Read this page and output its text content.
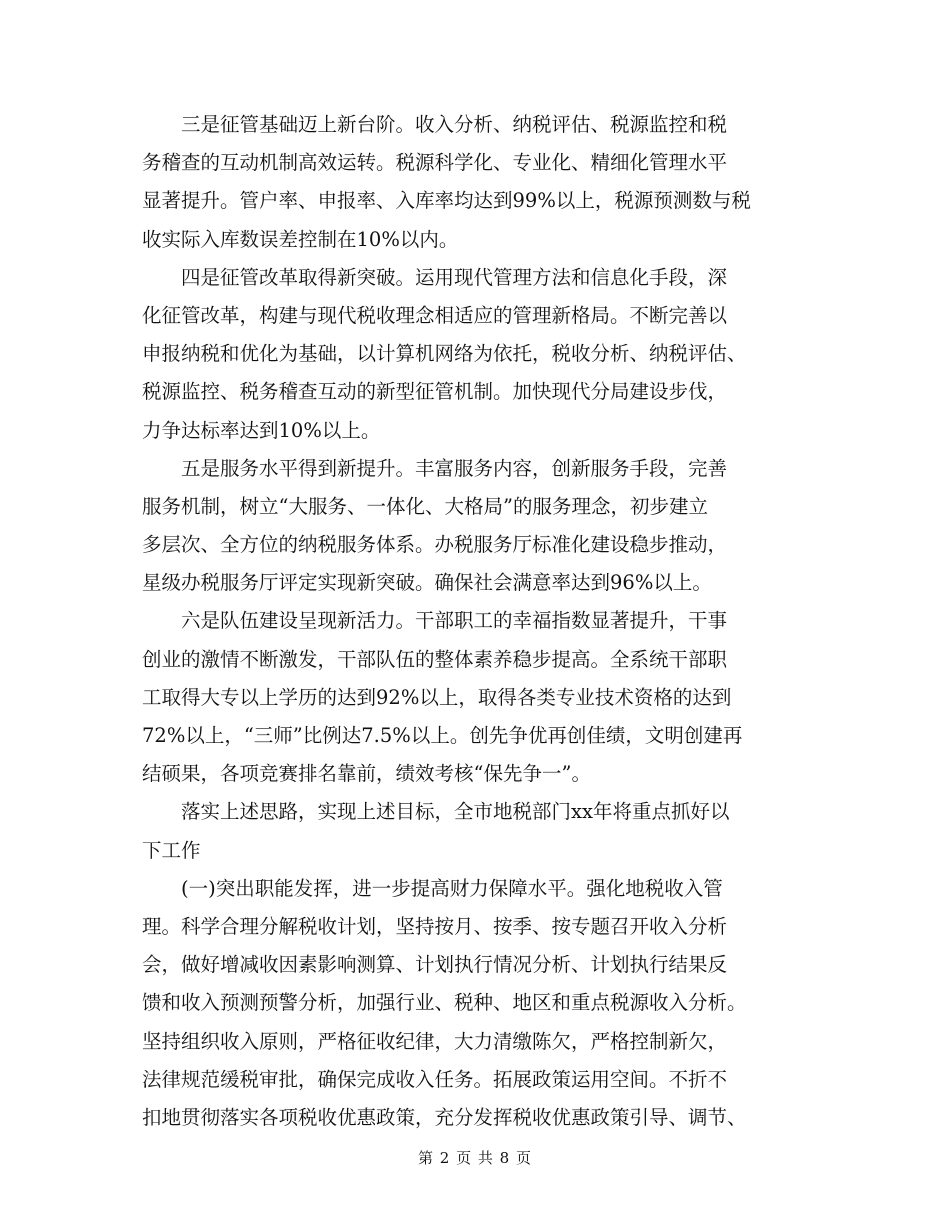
三是征管基础迈上新台阶。收入分析、纳税评估、税源监控和税
务稽查的互动机制高效运转。税源科学化、专业化、精细化管理水平
显著提升。管户率、申报率、入库率均达到99%以上，税源预测数与税
收实际入库数误差控制在10%以内。
四是征管改革取得新突破。运用现代管理方法和信息化手段，深
化征管改革，构建与现代税收理念相适应的管理新格局。不断完善以
申报纳税和优化为基础，以计算机网络为依托，税收分析、纳税评估、
税源监控、税务稽查互动的新型征管机制。加快现代分局建设步伐，
力争达标率达到10%以上。
五是服务水平得到新提升。丰富服务内容，创新服务手段，完善
服务机制，树立“大服务、一体化、大格局”的服务理念，初步建立
多层次、全方位的纳税服务体系。办税服务厅标准化建设稳步推动，
星级办税服务厅评定实现新突破。确保社会满意率达到96%以上。
六是队伍建设呈现新活力。干部职工的幸福指数显著提升，干事
创业的激情不断激发，干部队伍的整体素养稳步提高。全系统干部职
工取得大专以上学历的达到92%以上，取得各类专业技术资格的达到
72%以上，“三师”比例达7.5%以上。创先争优再创佳绩，文明创建再
结硕果，各项竞赛排名靠前，绩效考核“保先争一”。
落实上述思路，实现上述目标，全市地税部门xx年将重点抓好以
下工作
(一)突出职能发挥，进一步提高财力保障水平。强化地税收入管
理。科学合理分解税收计划，坚持按月、按季、按专题召开收入分析
会，做好增减收因素影响测算、计划执行情况分析、计划执行结果反
馈和收入预测预警分析，加强行业、税种、地区和重点税源收入分析。
坚持组织收入原则，严格征收纪律，大力清缴陈欠，严格控制新欠，
法律规范缓税审批，确保完成收入任务。拓展政策运用空间。不折不
扣地贯彻落实各项税收优惠政策，充分发挥税收优惠政策引导、调节、
第 2 页 共 8 页
